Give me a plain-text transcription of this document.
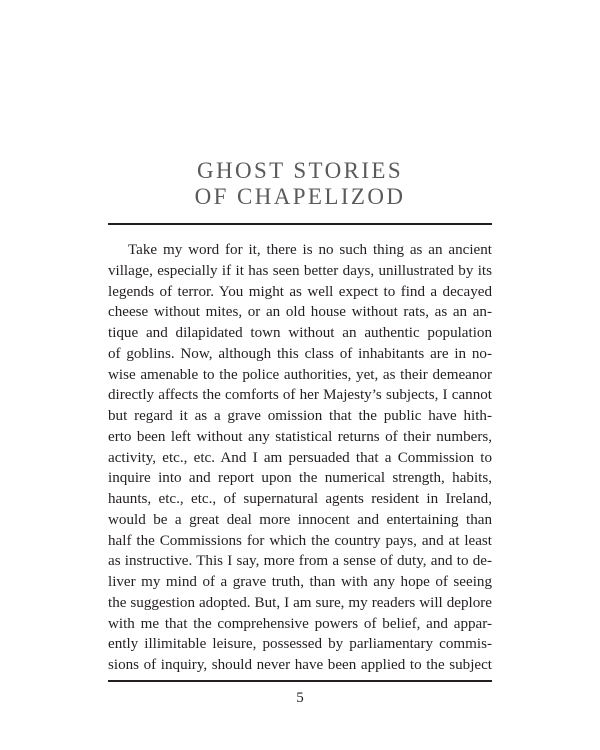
GHOST STORIES
OF CHAPELIZOD
Take my word for it, there is no such thing as an ancient
village, especially if it has seen better days, unillustrated by its
legends of terror. You might as well expect to find a decayed
cheese without mites, or an old house without rats, as an an-
tique and dilapidated town without an authentic population
of goblins. Now, although this class of inhabitants are in no-
wise amenable to the police authorities, yet, as their demeanor
directly affects the comforts of her Majesty’s subjects, I cannot
but regard it as a grave omission that the public have hith-
erto been left without any statistical returns of their numbers,
activity, etc., etc. And I am persuaded that a Commission to
inquire into and report upon the numerical strength, habits,
haunts, etc., etc., of supernatural agents resident in Ireland,
would be a great deal more innocent and entertaining than
half the Commissions for which the country pays, and at least
as instructive. This I say, more from a sense of duty, and to de-
liver my mind of a grave truth, than with any hope of seeing
the suggestion adopted. But, I am sure, my readers will deplore
with me that the comprehensive powers of belief, and appar-
ently illimitable leisure, possessed by parliamentary commis-
sions of inquiry, should never have been applied to the subject
5
